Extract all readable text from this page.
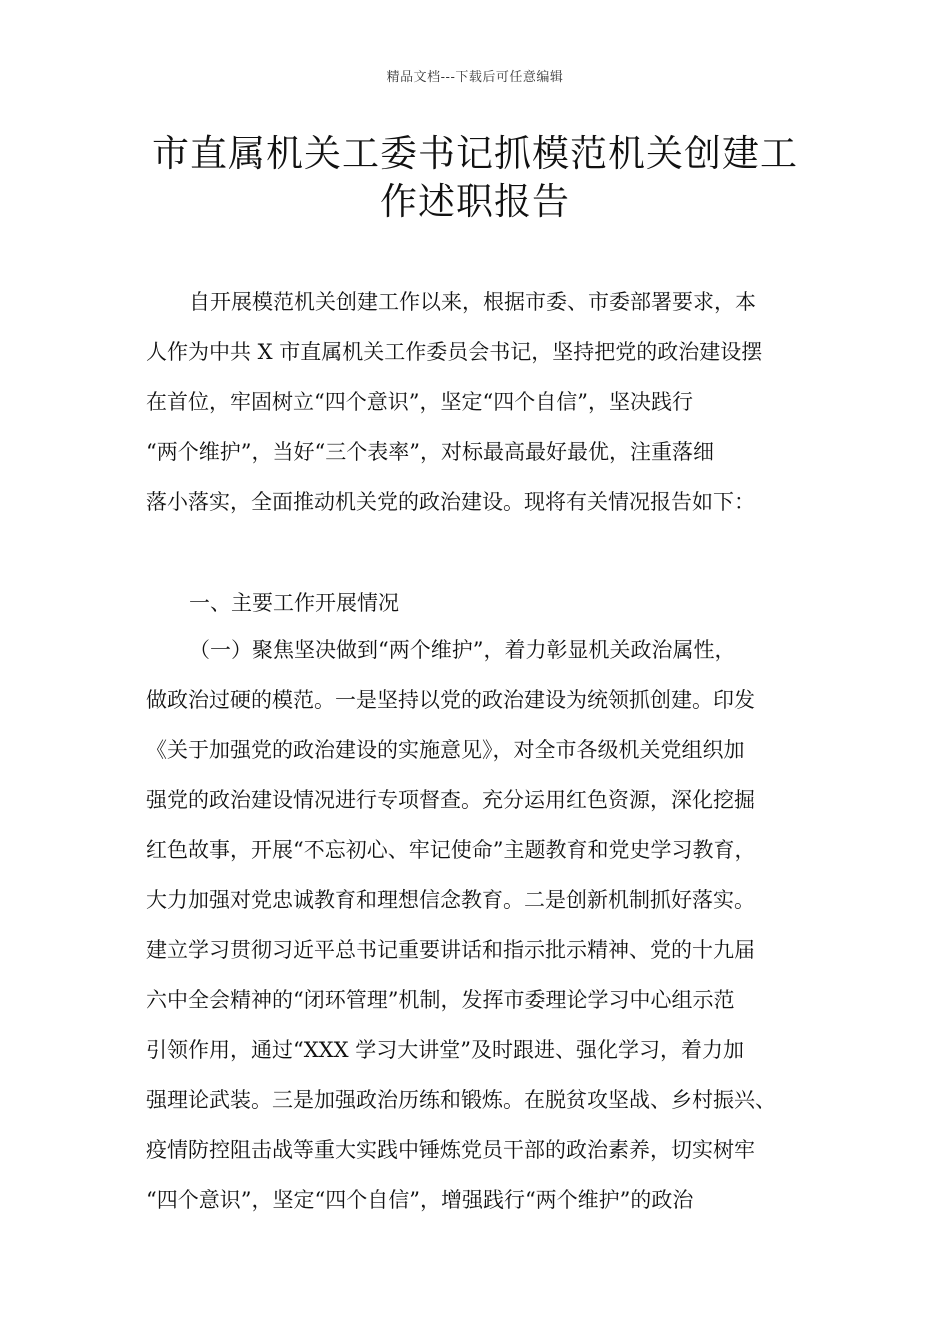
精品文档---下载后可任意编辑
市直属机关工委书记抓模范机关创建工
作述职报告
自开展模范机关创建工作以来，根据市委、市委部署要求，本
人作为中共 X 市直属机关工作委员会书记，坚持把党的政治建设摆
在首位，牢固树立“四个意识”，坚定“四个自信”，坚决践行
“两个维护”，当好“三个表率”，对标最高最好最优，注重落细
落小落实，全面推动机关党的政治建设。现将有关情况报告如下：
一、主要工作开展情况
（一）聚焦坚决做到“两个维护”，着力彰显机关政治属性，
做政治过硬的模范。一是坚持以党的政治建设为统领抓创建。印发
《关于加强党的政治建设的实施意见》，对全市各级机关党组织加
强党的政治建设情况进行专项督查。充分运用红色资源，深化挖掘
红色故事，开展“不忘初心、牢记使命”主题教育和党史学习教育，
大力加强对党忠诚教育和理想信念教育。二是创新机制抓好落实。
建立学习贯彻习近平总书记重要讲话和指示批示精神、党的十九届
六中全会精神的“闭环管理”机制，发挥市委理论学习中心组示范
引领作用，通过“XXX 学习大讲堂”及时跟进、强化学习，着力加
强理论武装。三是加强政治历练和锻炼。在脱贫攻坚战、乡村振兴、
疫情防控阻击战等重大实践中锤炼党员干部的政治素养，切实树牢
“四个意识”，坚定“四个自信”，增强践行“两个维护”的政治
